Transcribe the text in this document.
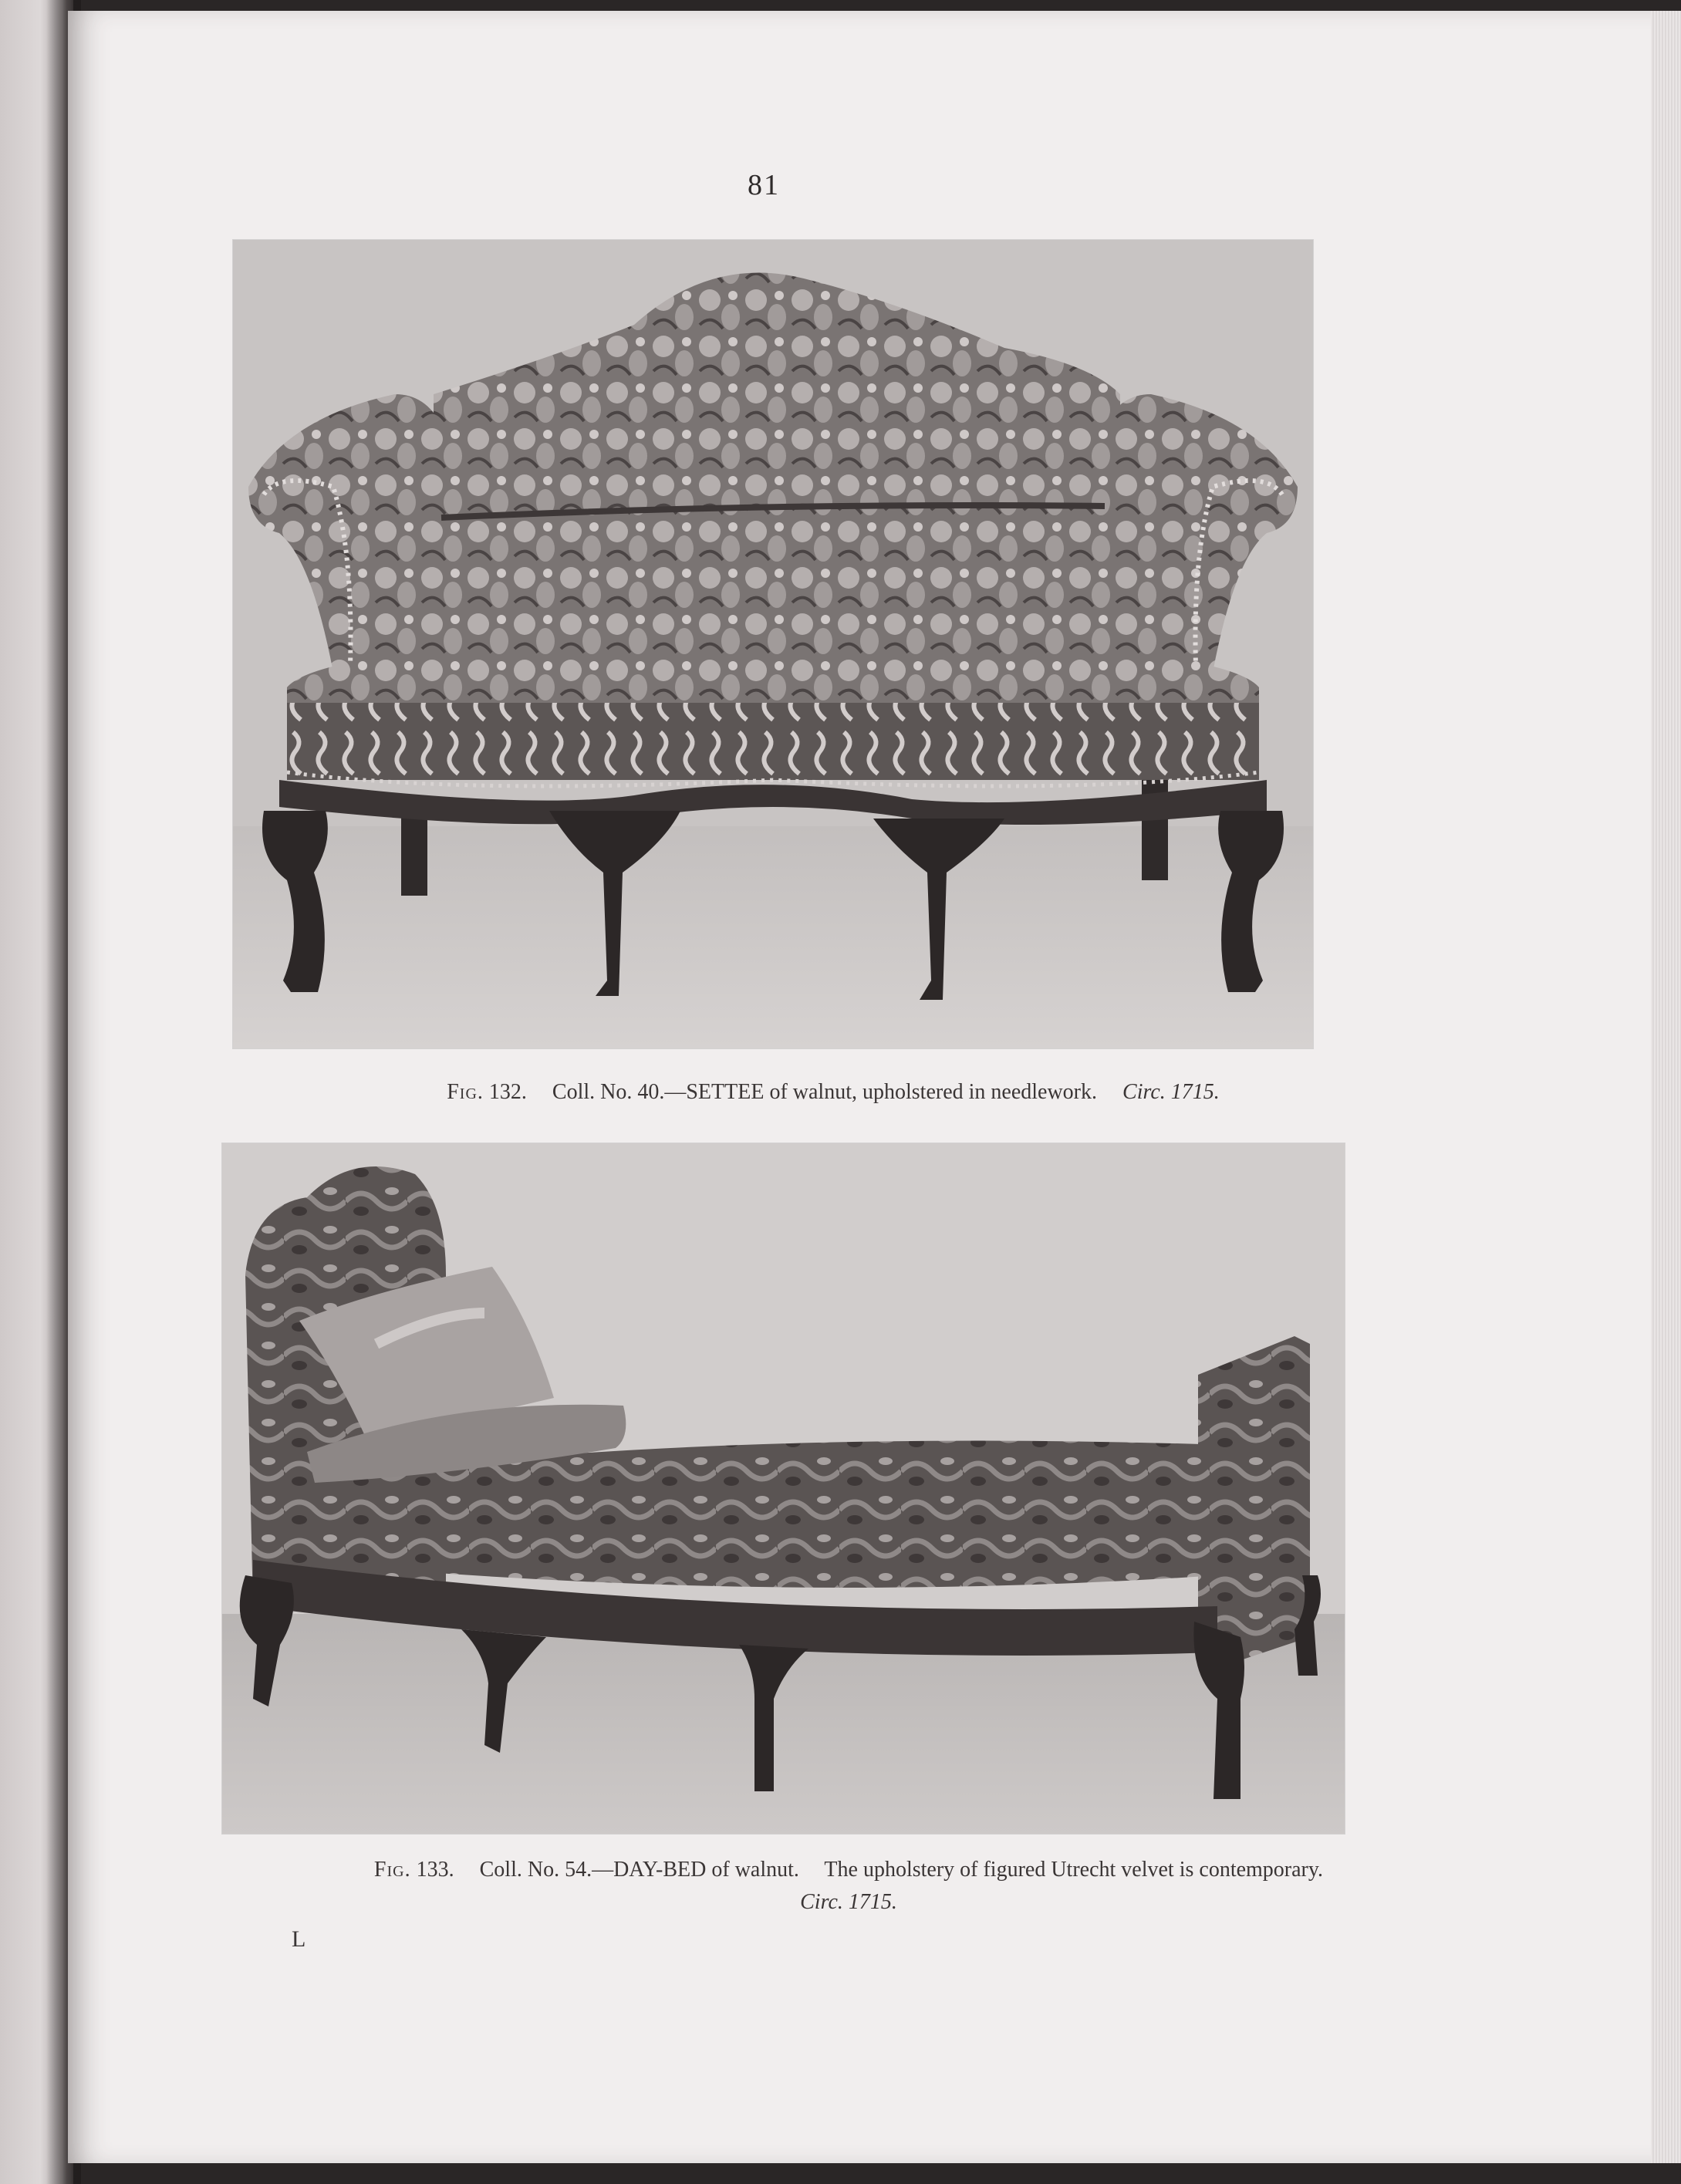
81
Fig. 132. Coll. No. 40.—SETTEE of walnut, upholstered in needlework. Circ. 1715.
Fig. 133. Coll. No. 54.—DAY-BED of walnut. The upholstery of figured Utrecht velvet is contemporary.
Circ. 1715.
L
